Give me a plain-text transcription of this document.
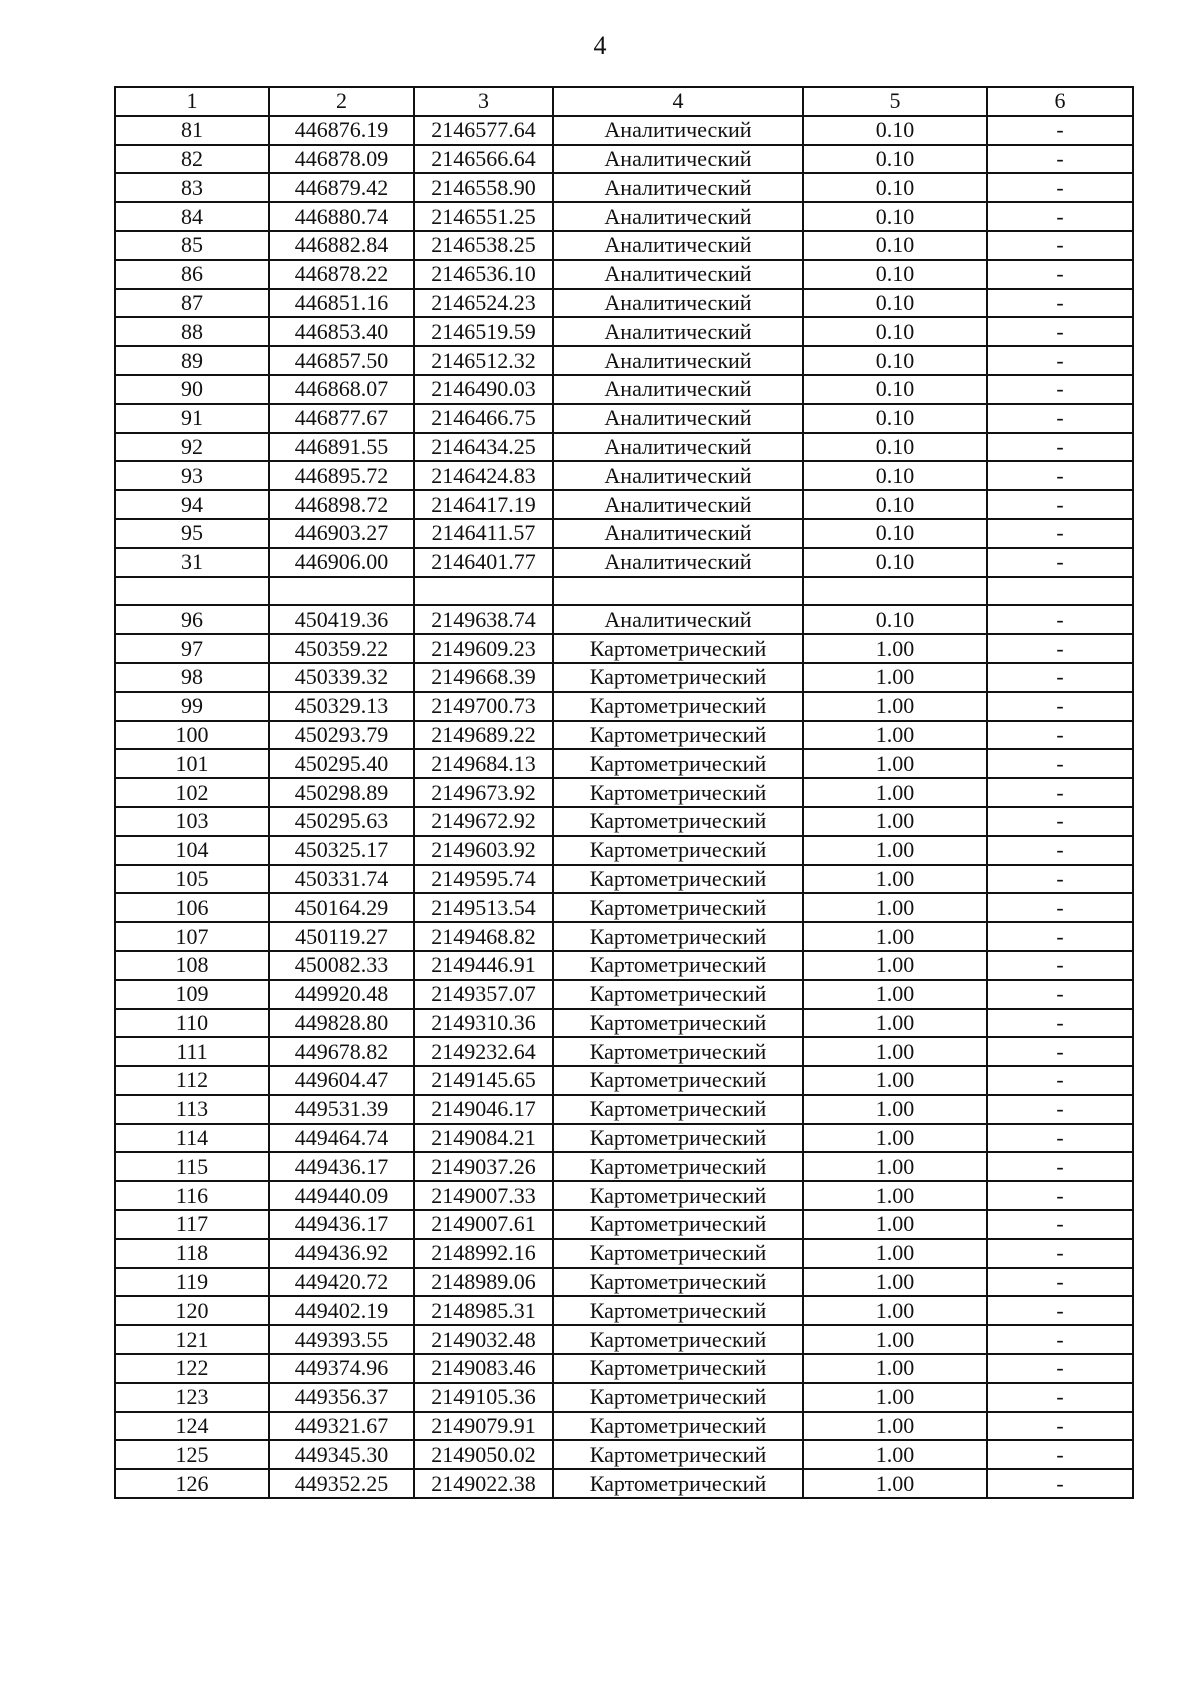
4
1	2	3	4	5	6
81	446876.19	2146577.64	Аналитический	0.10	-
82	446878.09	2146566.64	Аналитический	0.10	-
83	446879.42	2146558.90	Аналитический	0.10	-
84	446880.74	2146551.25	Аналитический	0.10	-
85	446882.84	2146538.25	Аналитический	0.10	-
86	446878.22	2146536.10	Аналитический	0.10	-
87	446851.16	2146524.23	Аналитический	0.10	-
88	446853.40	2146519.59	Аналитический	0.10	-
89	446857.50	2146512.32	Аналитический	0.10	-
90	446868.07	2146490.03	Аналитический	0.10	-
91	446877.67	2146466.75	Аналитический	0.10	-
92	446891.55	2146434.25	Аналитический	0.10	-
93	446895.72	2146424.83	Аналитический	0.10	-
94	446898.72	2146417.19	Аналитический	0.10	-
95	446903.27	2146411.57	Аналитический	0.10	-
31	446906.00	2146401.77	Аналитический	0.10	-

96	450419.36	2149638.74	Аналитический	0.10	-
97	450359.22	2149609.23	Картометрический	1.00	-
98	450339.32	2149668.39	Картометрический	1.00	-
99	450329.13	2149700.73	Картометрический	1.00	-
100	450293.79	2149689.22	Картометрический	1.00	-
101	450295.40	2149684.13	Картометрический	1.00	-
102	450298.89	2149673.92	Картометрический	1.00	-
103	450295.63	2149672.92	Картометрический	1.00	-
104	450325.17	2149603.92	Картометрический	1.00	-
105	450331.74	2149595.74	Картометрический	1.00	-
106	450164.29	2149513.54	Картометрический	1.00	-
107	450119.27	2149468.82	Картометрический	1.00	-
108	450082.33	2149446.91	Картометрический	1.00	-
109	449920.48	2149357.07	Картометрический	1.00	-
110	449828.80	2149310.36	Картометрический	1.00	-
111	449678.82	2149232.64	Картометрический	1.00	-
112	449604.47	2149145.65	Картометрический	1.00	-
113	449531.39	2149046.17	Картометрический	1.00	-
114	449464.74	2149084.21	Картометрический	1.00	-
115	449436.17	2149037.26	Картометрический	1.00	-
116	449440.09	2149007.33	Картометрический	1.00	-
117	449436.17	2149007.61	Картометрический	1.00	-
118	449436.92	2148992.16	Картометрический	1.00	-
119	449420.72	2148989.06	Картометрический	1.00	-
120	449402.19	2148985.31	Картометрический	1.00	-
121	449393.55	2149032.48	Картометрический	1.00	-
122	449374.96	2149083.46	Картометрический	1.00	-
123	449356.37	2149105.36	Картометрический	1.00	-
124	449321.67	2149079.91	Картометрический	1.00	-
125	449345.30	2149050.02	Картометрический	1.00	-
126	449352.25	2149022.38	Картометрический	1.00	-
